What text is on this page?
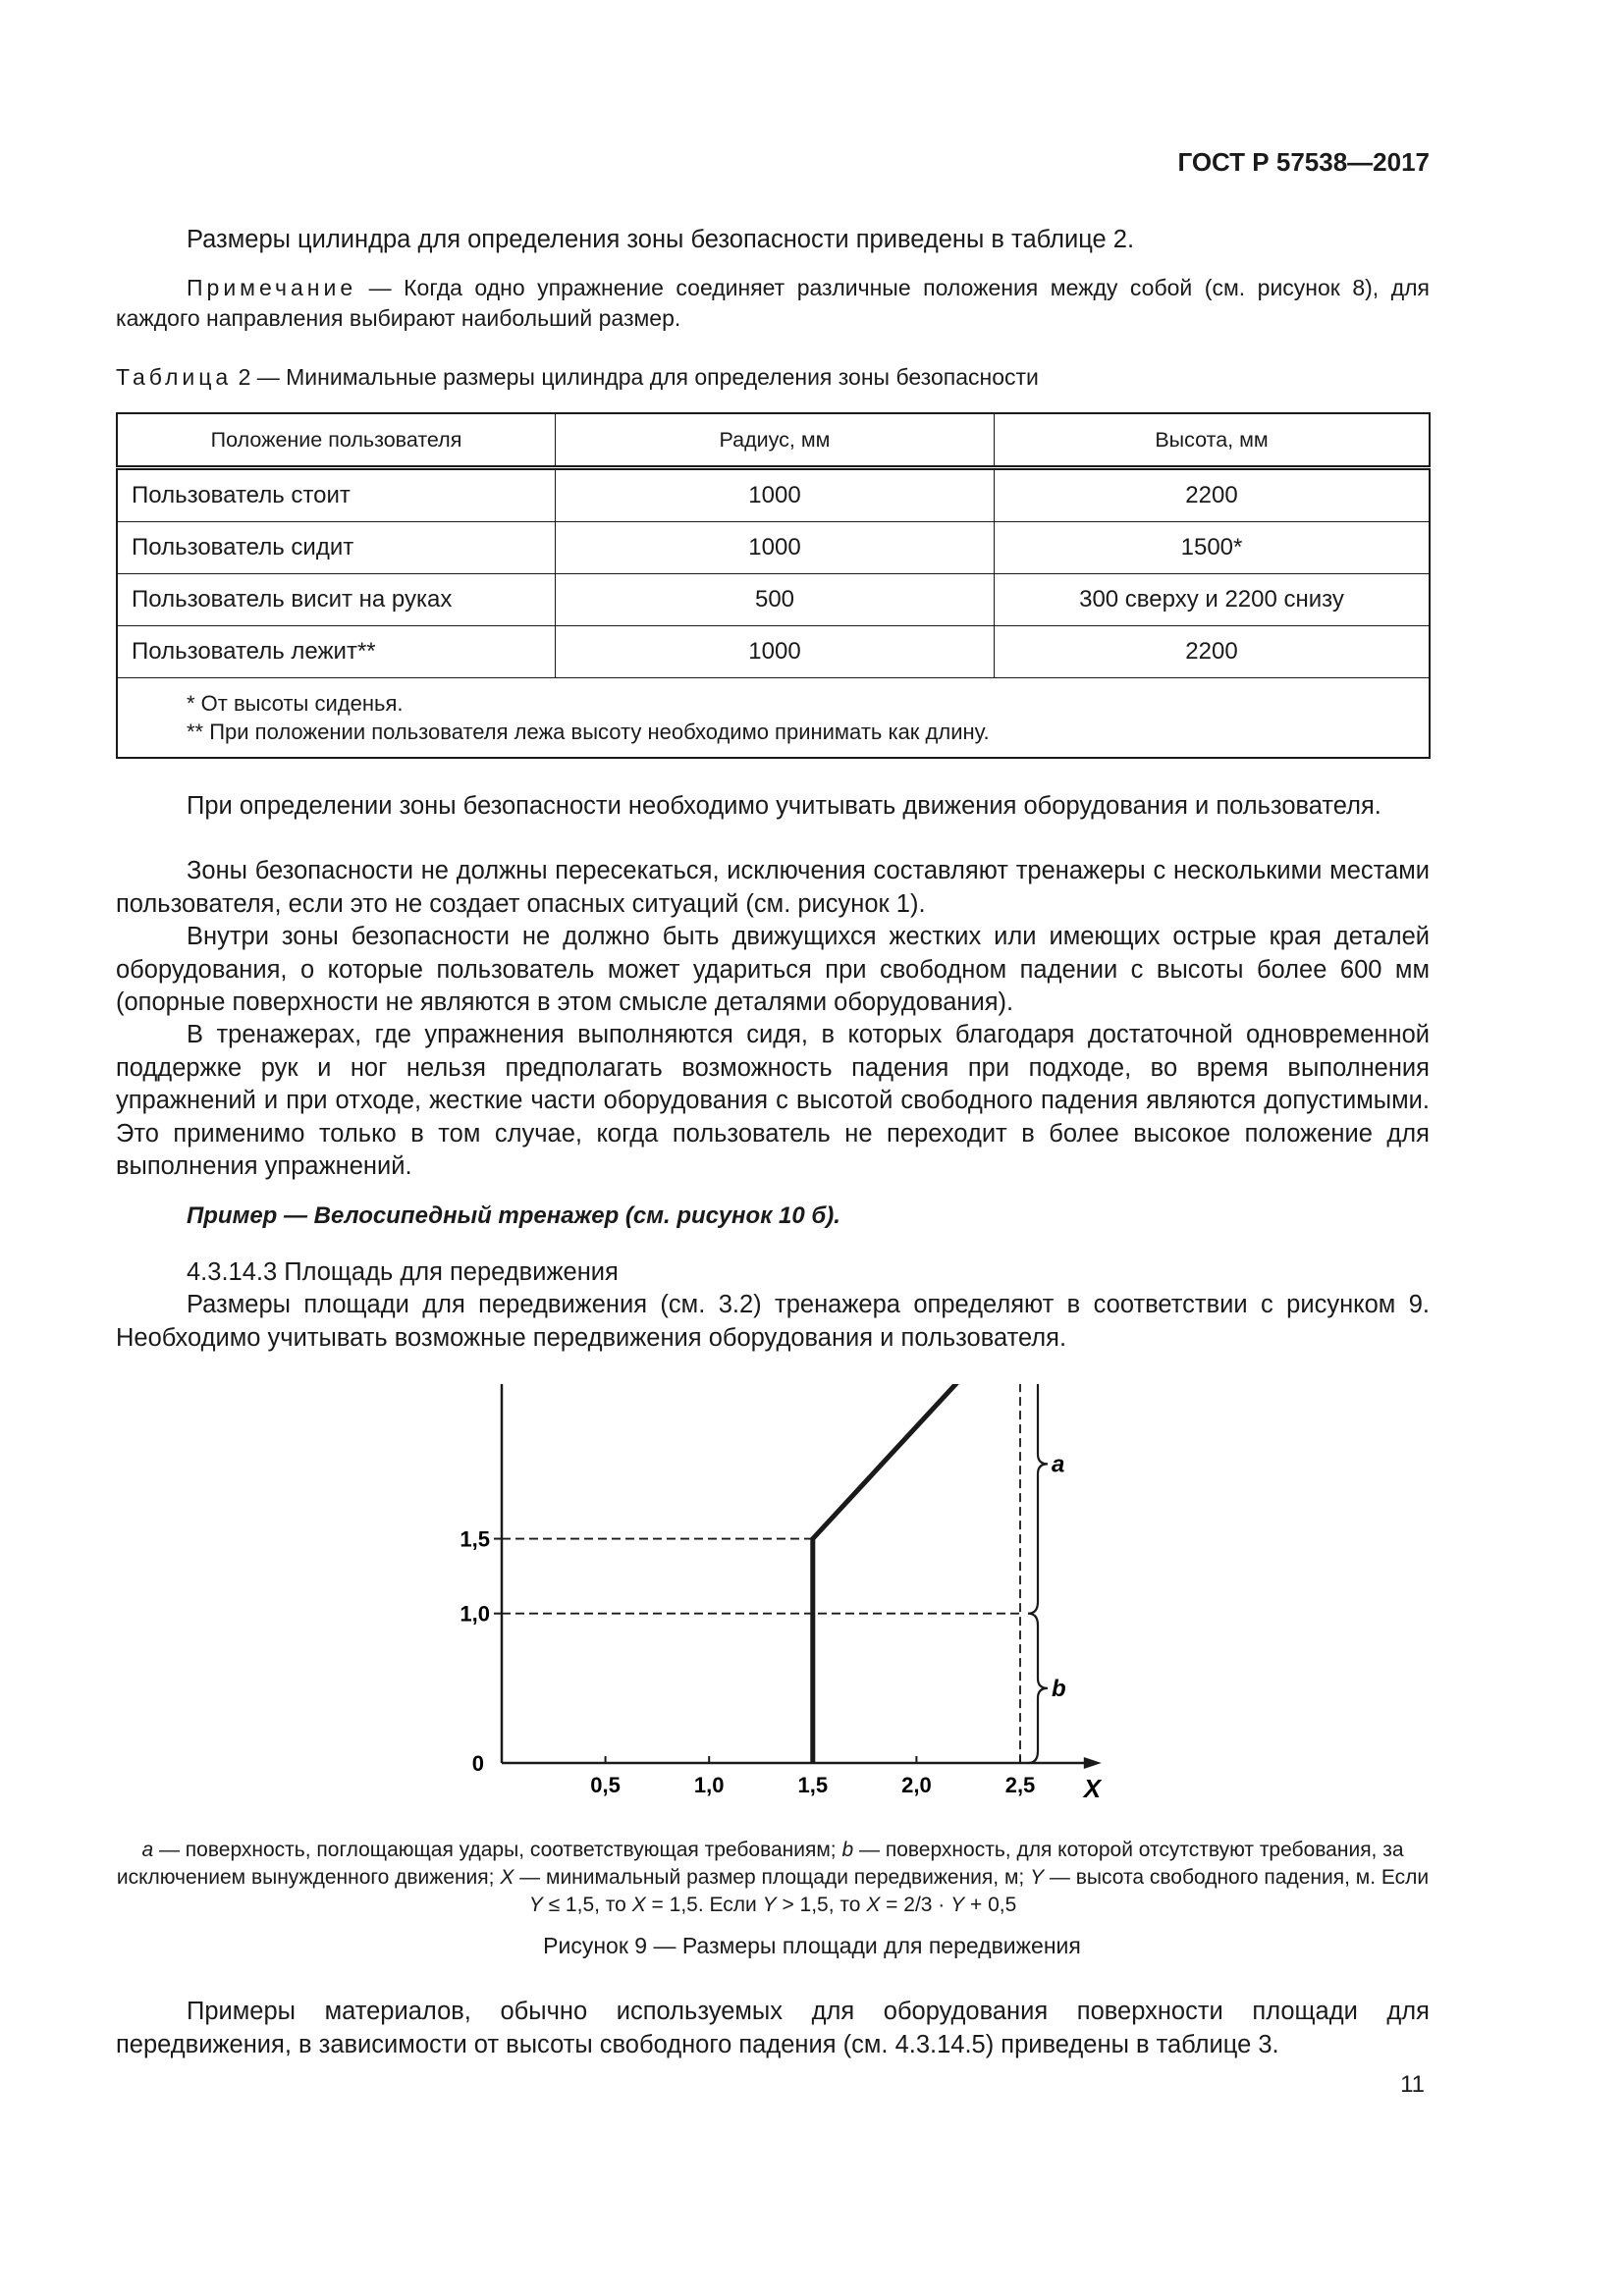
ГОСТ Р 57538—2017
Размеры цилиндра для определения зоны безопасности приведены в таблице 2.
Примечание — Когда одно упражнение соединяет различные положения между собой (см. рисунок 8), для каждого направления выбирают наибольший размер.
Таблица 2 — Минимальные размеры цилиндра для определения зоны безопасности
Положение пользователя	Радиус, мм	Высота, мм
Пользователь стоит	1000	2200
Пользователь сидит	1000	1500*
Пользователь висит на руках	500	300 сверху и 2200 снизу
Пользователь лежит**	1000	2200

* От высоты сиденья.
** При положении пользователя лежа высоту необходимо принимать как длину.		
При определении зоны безопасности необходимо учитывать движения оборудования и пользователя.
Зоны безопасности не должны пересекаться, исключения составляют тренажеры с несколькими местами пользователя, если это не создает опасных ситуаций (см. рисунок 1).
Внутри зоны безопасности не должно быть движущихся жестких или имеющих острые края деталей оборудования, о которые пользователь может удариться при свободном падении с высоты более 600 мм (опорные поверхности не являются в этом смысле деталями оборудования).
В тренажерах, где упражнения выполняются сидя, в которых благодаря достаточной одновременной поддержке рук и ног нельзя предполагать возможность падения при подходе, во время выполнения упражнений и при отходе, жесткие части оборудования с высотой свободного падения являются допустимыми. Это применимо только в том случае, когда пользователь не переходит в более высокое положение для выполнения упражнений.
Пример — Велосипедный тренажер (см. рисунок 10 б).
4.3.14.3 Площадь для передвижения
Размеры площади для передвижения (см. 3.2) тренажера определяют в соответствии с рисунком 9. Необходимо учитывать возможные передвижения оборудования и пользователя.
X
0
0,5	1,0	1,5	2,0	2,5
1,0
1,5
a
b
a — поверхность, поглощающая удары, соответствующая требованиям; b — поверхность, для которой отсутствуют требования, за исключением вынужденного движения; X — минимальный размер площади передвижения, м; Y — высота свободного падения, м. Если Y ≤ 1,5, то X = 1,5. Если Y > 1,5, то X = 2/3 · Y + 0,5
Рисунок 9 — Размеры площади для передвижения
Примеры материалов, обычно используемых для оборудования поверхности площади для передвижения, в зависимости от высоты свободного падения (см. 4.3.14.5) приведены в таблице 3.
11
